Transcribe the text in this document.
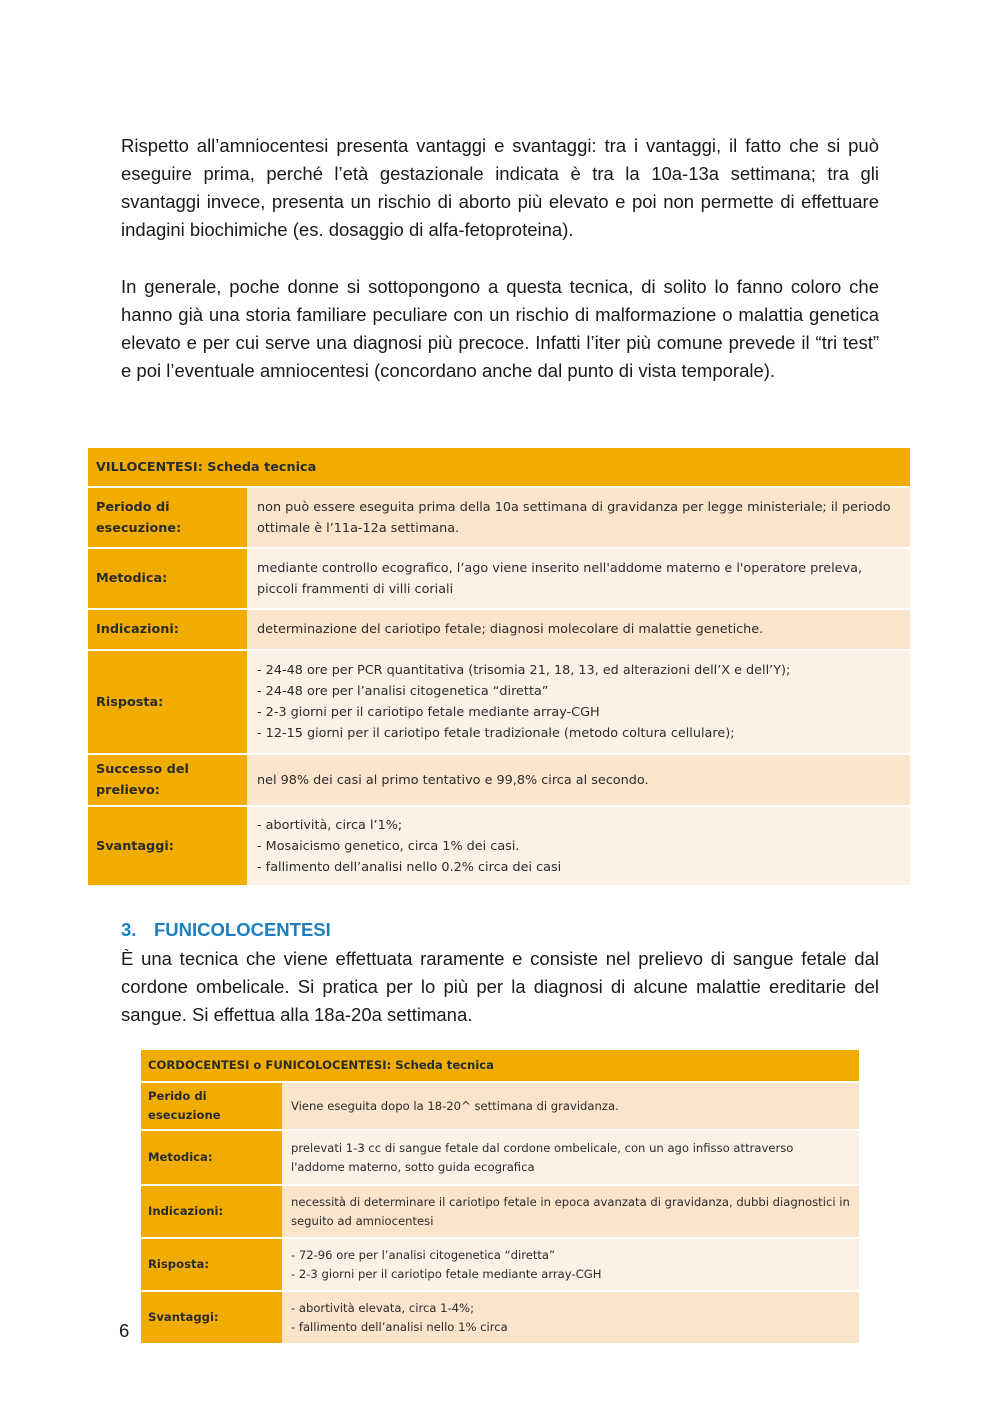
Rispetto all’amniocentesi presenta vantaggi e svantaggi: tra i vantaggi, il fatto che si può eseguire prima, perché l’età gestazionale indicata è tra la 10a-13a settimana; tra gli svantaggi invece, presenta un rischio di aborto più elevato e poi non permette di effettuare indagini biochimiche (es. dosaggio di alfa-fetoproteina).

In generale, poche donne si sottopongono a questa tecnica, di solito lo fanno coloro che hanno già una storia familiare peculiare con un rischio di malformazione o malattia genetica elevato e per cui serve una diagnosi più precoce. Infatti l’iter più comune prevede il “tri test” e poi l’eventuale amniocentesi (concordano anche dal punto di vista temporale).

VILLOCENTESI: Scheda tecnica	
Periodo di esecuzione:	non può essere eseguita prima della 10a settimana di gravidanza per legge ministeriale; il periodo ottimale è l’11a-12a settimana.

Metodica:	mediante controllo ecografico, l’ago viene inserito nell'addome materno e l'operatore preleva, piccoli frammenti di villi coriali

Indicazioni:	determinazione del cariotipo fetale; diagnosi molecolare di malattie genetiche.

Risposta:	- 24-48 ore per PCR quantitativa (trisomia 21, 18, 13, ed alterazioni dell’X e dell’Y);
- 24-48 ore per l’analisi citogenetica “diretta”
- 2-3 giorni per il cariotipo fetale mediante array-CGH
- 12-15 giorni per il cariotipo fetale tradizionale (metodo coltura cellulare);

Successo del prelievo:	nel 98% dei casi al primo tentativo e 99,8% circa al secondo.

Svantaggi:	- abortività, circa l’1%;
- Mosaicismo genetico, circa 1% dei casi.
- fallimento dell’analisi nello 0.2% circa dei casi
3. FUNICOLOCENTESI

È una tecnica che viene effettuata raramente e consiste nel prelievo di sangue fetale dal cordone ombelicale. Si pratica per lo più per la diagnosi di alcune malattie ereditarie del sangue. Si effettua alla 18a-20a settimana.

CORDOCENTESI o FUNICOLOCENTESI: Scheda tecnica	
Perido di esecuzione	Viene eseguita dopo la 18-20^ settimana di gravidanza.

Metodica:	prelevati 1-3 cc di sangue fetale dal cordone ombelicale, con un ago infisso attraverso l'addome materno, sotto guida ecografica

Indicazioni:	necessità di determinare il cariotipo fetale in epoca avanzata di gravidanza, dubbi diagnostici in seguito ad amniocentesi

Risposta:	- 72-96 ore per l’analisi citogenetica “diretta”
- 2-3 giorni per il cariotipo fetale mediante array-CGH

Svantaggi:	- abortività elevata, circa 1-4%;
- fallimento dell’analisi nello 1% circa

6
